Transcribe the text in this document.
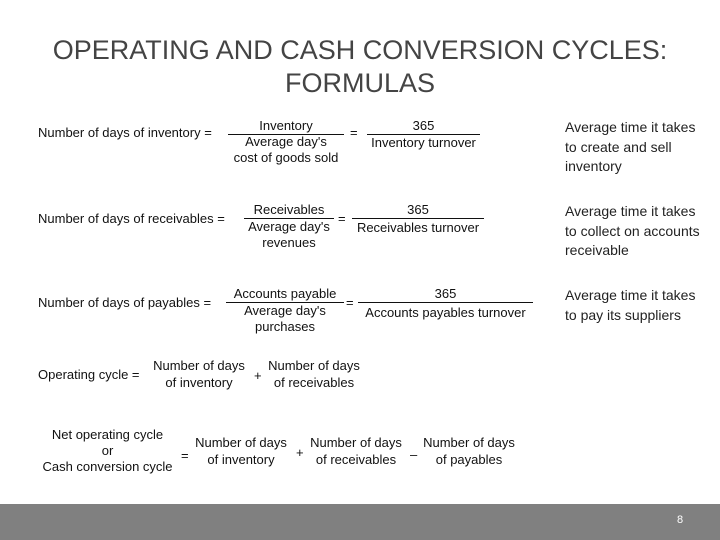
OPERATING AND CASH CONVERSION CYCLES:
FORMULAS
Number of days of inventory =	Inventory
Average day's
cost of goods sold
=	365
Inventory turnover
Average time it takes to create and sell inventory
Number of days of receivables =
Receivables
Average day's
revenues
=
365
Receivables turnover
Average time it takes to collect on accounts receivable
Number of days of payables =
Accounts payable
Average day's
purchases
=
365
Accounts payables turnover
Average time it takes to pay its suppliers
Operating cycle =
Number of days
of inventory	+
Number of days
of receivables
Net operating cycle
or
Cash conversion cycle
=
Number of days
of inventory	+
Number of days
of receivables	–
Number of days
of payables
8
